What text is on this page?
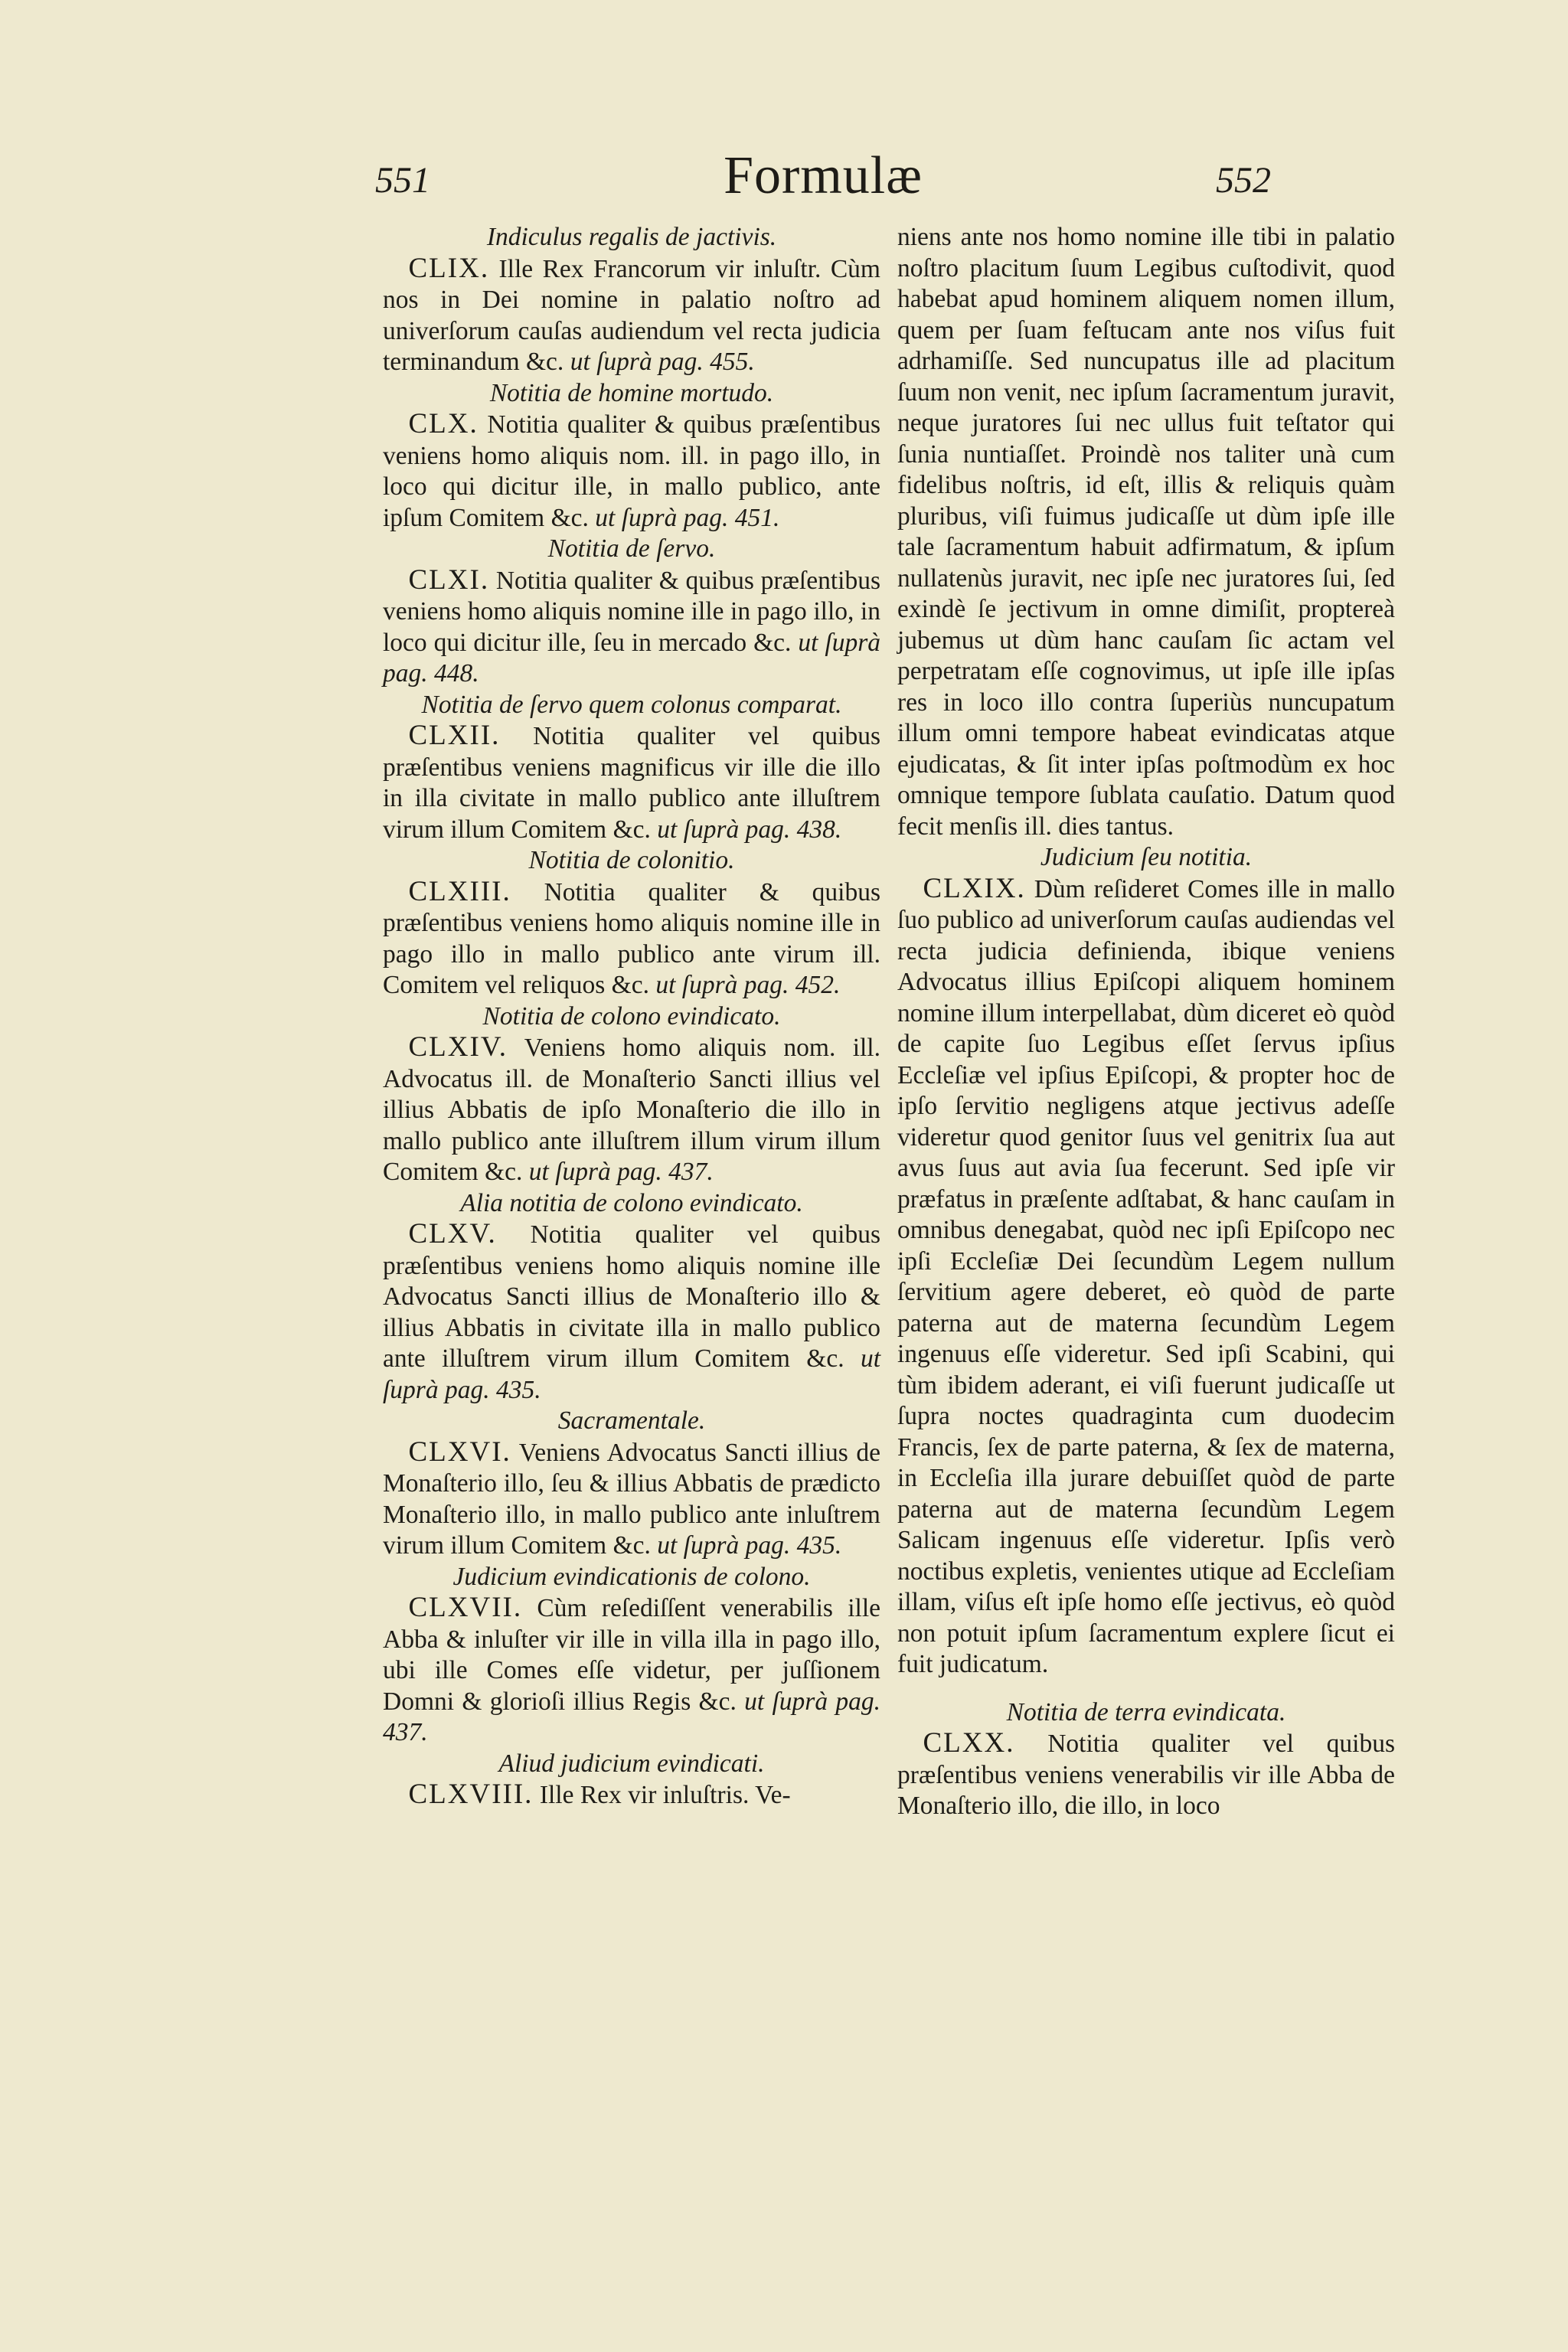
551	Formulæ	552

Indiculus regalis de jactivis.

CLIX. Ille Rex Francorum vir inluſtr. Cùm nos in Dei nomine in palatio noſtro ad univerſorum cauſas audiendum vel recta judicia terminandum &c. ut ſuprà pag. 455.

Notitia de homine mortudo.

CLX. Notitia qualiter & quibus præſentibus veniens homo aliquis nom. ill. in pago illo, in loco qui dicitur ille, in mallo publico, ante ipſum Comitem &c. ut ſuprà pag. 451.

Notitia de ſervo.

CLXI. Notitia qualiter & quibus præſentibus veniens homo aliquis nomine ille in pago illo, in loco qui dicitur ille, ſeu in mercado &c. ut ſuprà pag. 448.

Notitia de ſervo quem colonus comparat.

CLXII. Notitia qualiter vel quibus præſentibus veniens magnificus vir ille die illo in illa civitate in mallo publico ante illuſtrem virum illum Comitem &c. ut ſuprà pag. 438.

Notitia de colonitio.

CLXIII. Notitia qualiter & quibus præſentibus veniens homo aliquis nomine ille in pago illo in mallo publico ante virum ill. Comitem vel reliquos &c. ut ſuprà pag. 452.

Notitia de colono evindicato.

CLXIV. Veniens homo aliquis nom. ill. Advocatus ill. de Monaſterio Sancti illius vel illius Abbatis de ipſo Monaſterio die illo in mallo publico ante illuſtrem illum virum illum Comitem &c. ut ſuprà pag. 437.

Alia notitia de colono evindicato.

CLXV. Notitia qualiter vel quibus præſentibus veniens homo aliquis nomine ille Advocatus Sancti illius de Monaſterio illo & illius Abbatis in civitate illa in mallo publico ante illuſtrem virum illum Comitem &c. ut ſuprà pag. 435.

Sacramentale.

CLXVI. Veniens Advocatus Sancti illius de Monaſterio illo, ſeu & illius Abbatis de prædicto Monaſterio illo, in mallo publico ante inluſtrem virum illum Comitem &c. ut ſuprà pag. 435.

Judicium evindicationis de colono.

CLXVII. Cùm reſediſſent venerabilis ille Abba & inluſter vir ille in villa illa in pago illo, ubi ille Comes eſſe videtur, per juſſionem Domni & glorioſi illius Regis &c. ut ſuprà pag. 437.

Aliud judicium evindicati.

CLXVIII. Ille Rex vir inluſtris. Ve-

niens ante nos homo nomine ille tibi in palatio noſtro placitum ſuum Legibus cuſtodivit, quod habebat apud hominem aliquem nomen illum, quem per ſuam feſtucam ante nos viſus fuit adrhamiſſe. Sed nuncupatus ille ad placitum ſuum non venit, nec ipſum ſacramentum juravit, neque juratores ſui nec ullus fuit teſtator qui ſunia nuntiaſſet. Proindè nos taliter unà cum fidelibus noſtris, id eſt, illis & reliquis quàm pluribus, viſi fuimus judicaſſe ut dùm ipſe ille tale ſacramentum habuit adfirmatum, & ipſum nullatenùs juravit, nec ipſe nec juratores ſui, ſed exindè ſe jectivum in omne dimiſit, proptereà jubemus ut dùm hanc cauſam ſic actam vel perpetratam eſſe cognovimus, ut ipſe ille ipſas res in loco illo contra ſuperiùs nuncupatum illum omni tempore habeat evindicatas atque ejudicatas, & ſit inter ipſas poſtmodùm ex hoc omnique tempore ſublata cauſatio. Datum quod fecit menſis ill. dies tantus.

Judicium ſeu notitia.

CLXIX. Dùm reſideret Comes ille in mallo ſuo publico ad univerſorum cauſas audiendas vel recta judicia definienda, ibique veniens Advocatus illius Epiſcopi aliquem hominem nomine illum interpellabat, dùm diceret eò quòd de capite ſuo Legibus eſſet ſervus ipſius Eccleſiæ vel ipſius Epiſcopi, & propter hoc de ipſo ſervitio negligens atque jectivus adeſſe videretur quod genitor ſuus vel genitrix ſua aut avus ſuus aut avia ſua fecerunt. Sed ipſe vir præfatus in præſente adſtabat, & hanc cauſam in omnibus denegabat, quòd nec ipſi Epiſcopo nec ipſi Eccleſiæ Dei ſecundùm Legem nullum ſervitium agere deberet, eò quòd de parte paterna aut de materna ſecundùm Legem ingenuus eſſe videretur. Sed ipſi Scabini, qui tùm ibidem aderant, ei viſi fuerunt judicaſſe ut ſupra noctes quadraginta cum duodecim Francis, ſex de parte paterna, & ſex de materna, in Eccleſia illa jurare debuiſſet quòd de parte paterna aut de materna ſecundùm Legem Salicam ingenuus eſſe videretur. Ipſis verò noctibus expletis, venientes utique ad Eccleſiam illam, viſus eſt ipſe homo eſſe jectivus, eò quòd non potuit ipſum ſacramentum explere ſicut ei fuit judicatum.

Notitia de terra evindicata.

CLXX. Notitia qualiter vel quibus præſentibus veniens venerabilis vir ille Abba de Monaſterio illo, die illo, in loco
